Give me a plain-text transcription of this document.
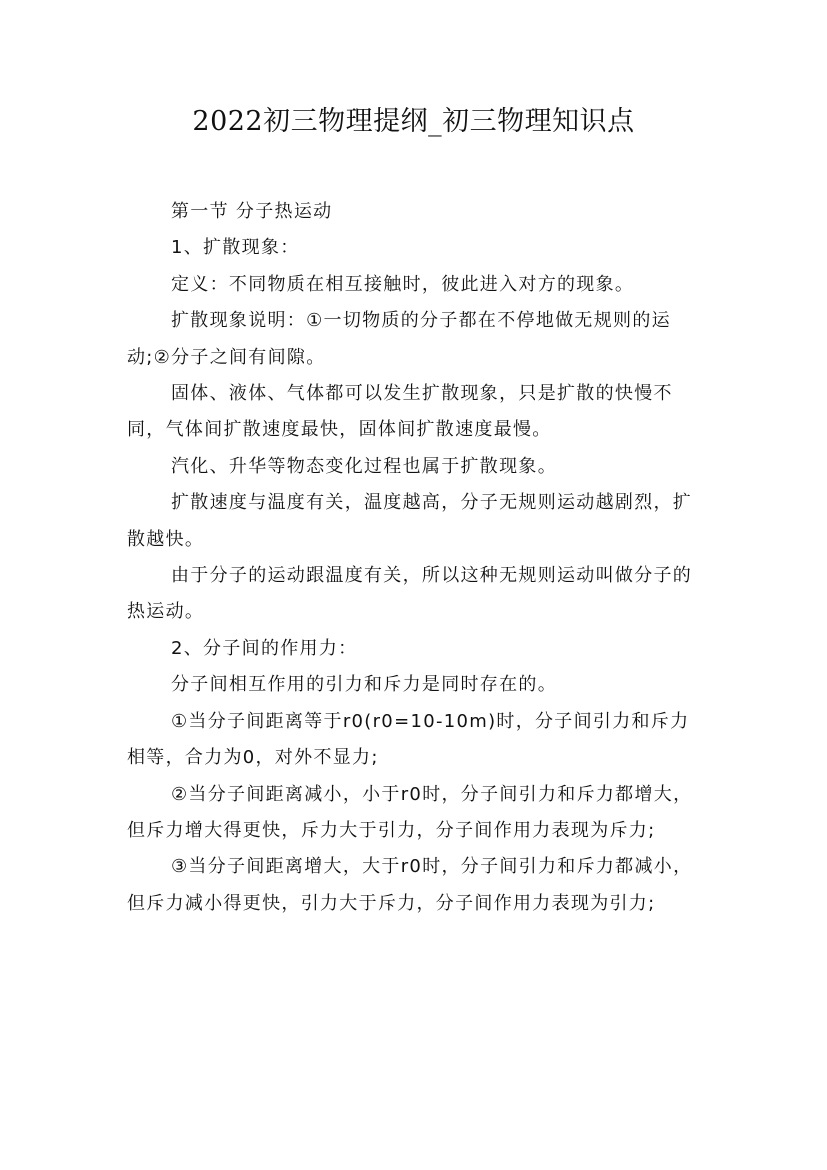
2022初三物理提纲_初三物理知识点

第一节 分子热运动

1、扩散现象：

定义：不同物质在相互接触时，彼此进入对方的现象。

扩散现象说明：①一切物质的分子都在不停地做无规则的运动;②分子之间有间隙。

固体、液体、气体都可以发生扩散现象，只是扩散的快慢不同，气体间扩散速度最快，固体间扩散速度最慢。

汽化、升华等物态变化过程也属于扩散现象。

扩散速度与温度有关，温度越高，分子无规则运动越剧烈，扩散越快。

由于分子的运动跟温度有关，所以这种无规则运动叫做分子的热运动。

2、分子间的作用力：

分子间相互作用的引力和斥力是同时存在的。

①当分子间距离等于r0(r0=10-10m)时，分子间引力和斥力相等，合力为0，对外不显力;

②当分子间距离减小，小于r0时，分子间引力和斥力都增大，但斥力增大得更快，斥力大于引力，分子间作用力表现为斥力;

③当分子间距离增大，大于r0时，分子间引力和斥力都减小，但斥力减小得更快，引力大于斥力，分子间作用力表现为引力;
